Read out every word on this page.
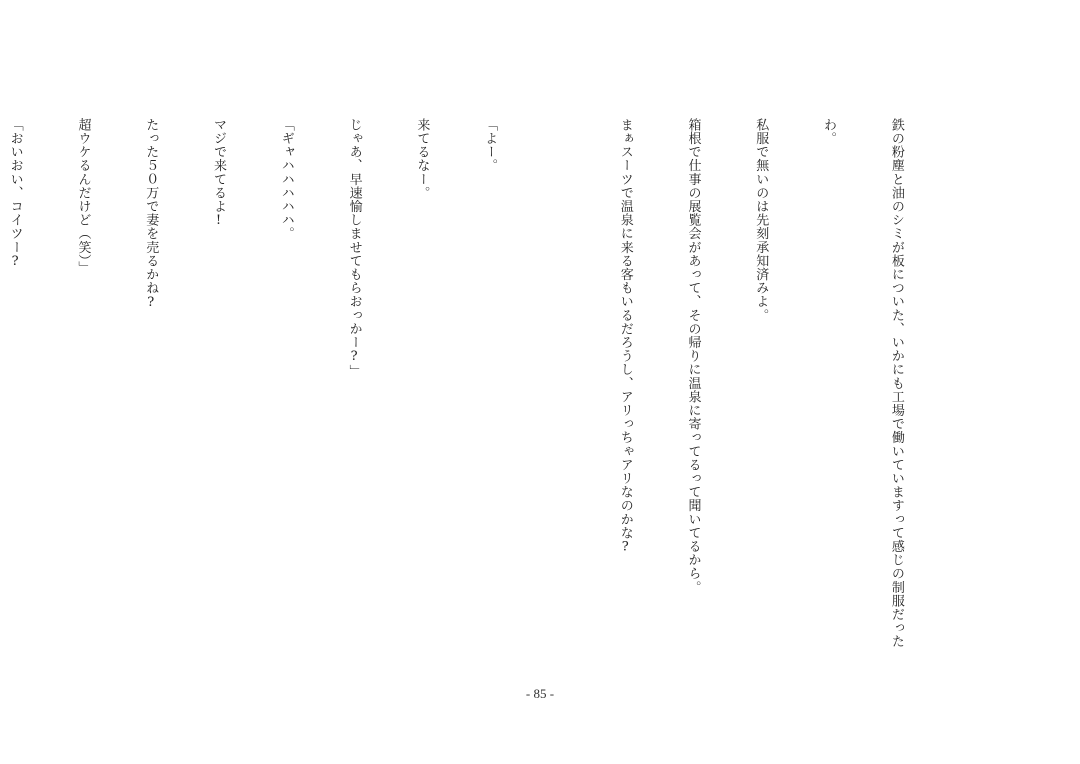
鉄の粉塵と油のシミが板についた、いかにも工場で働いていますって感じの制服だった

わ。

私服で無いのは先刻承知済みよ。

箱根で仕事の展覧会があって、その帰りに温泉に寄ってるって聞いてるから。

まぁスーツで温泉に来る客もいるだろうし、アリっちゃアリなのかな?

「よー。

来てるなー。

じゃあ、早速愉しませてもらおっかー?」

「ギャハハハハハ。

マジで来てるよ!

たった５０万で妻を売るかね?

超ウケるんだけど（笑）」

「おいおい、コイツー?

- 85 -
